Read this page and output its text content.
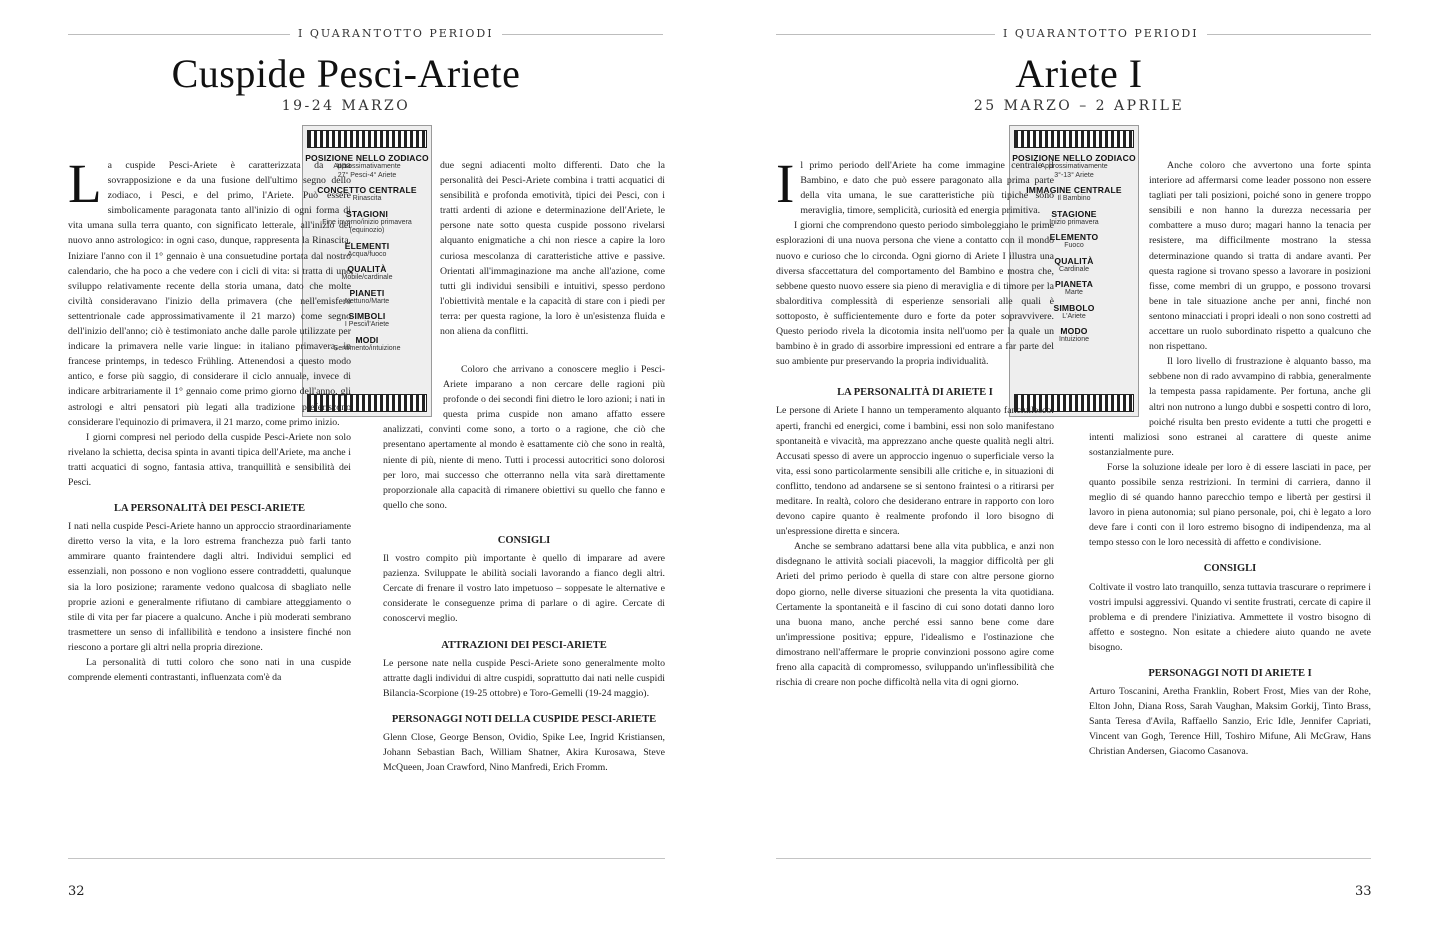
I QUARANTOTTO PERIODI
Cuspide Pesci-Ariete
19-24 MARZO
POSIZIONE NELLO ZODIACO
Approssimativamente
27° Pesci-4° Ariete
CONCETTO CENTRALE
Rinascita
STAGIONI
Fine inverno/inizio primavera
(equinozio)
ELEMENTI
Acqua/fuoco
QUALITÀ
Mobile/cardinale
PIANETI
Nettuno/Marte
SIMBOLI
I Pesci/l'Ariete
MODI
Sentimento/intuizione

La cuspide Pesci-Ariete è caratterizzata da una sovrapposizione e da una fusione dell'ultimo segno dello zodiaco, i Pesci, e del primo, l'Ariete. Può essere simbolicamente paragonata tanto all'inizio di ogni forma di vita umana sulla terra quanto, con significato letterale, all'inizio del nuovo anno astrologico: in ogni caso, dunque, rappresenta la Rinascita. Iniziare l'anno con il 1° gennaio è una consuetudine portata dal nostro calendario, che ha poco a che vedere con i cicli di vita: si tratta di uno sviluppo relativamente recente della storia umana, dato che molte civiltà consideravano l'inizio della primavera (che nell'emisfero settentrionale cade approssimativamente il 21 marzo) come segno dell'inizio dell'anno; ciò è testimoniato anche dalle parole utilizzate per indicare la primavera nelle varie lingue: in italiano primavera, in francese printemps, in tedesco Frühling. Attenendosi a questo modo antico, e forse più saggio, di considerare il ciclo annuale, invece di indicare arbitrariamente il 1° gennaio come primo giorno dell'anno, gli astrologi e altri pensatori più legati alla tradizione preferiscono considerare l'equinozio di primavera, il 21 marzo, come primo inizio.

I giorni compresi nel periodo della cuspide Pesci-Ariete non solo rivelano la schietta, decisa spinta in avanti tipica dell'Ariete, ma anche i tratti acquatici di sogno, fantasia attiva, tranquillità e sensibilità dei Pesci.

LA PERSONALITÀ DEI PESCI-ARIETE

I nati nella cuspide Pesci-Ariete hanno un approccio straordinariamente diretto verso la vita, e la loro estrema franchezza può farli tanto ammirare quanto fraintendere dagli altri. Individui semplici ed essenziali, non possono e non vogliono essere contraddetti, qualunque sia la loro posizione; raramente vedono qualcosa di sbagliato nelle proprie azioni e generalmente rifiutano di cambiare atteggiamento o stile di vita per far piacere a qualcuno. Anche i più moderati sembrano trasmettere un senso di infallibilità e tendono a insistere finché non riescono a portare gli altri nella propria direzione.

La personalità di tutti coloro che sono nati in una cuspide comprende elementi contrastanti, influenzata com'è da

due segni adiacenti molto differenti. Dato che la personalità dei Pesci-Ariete combina i tratti acquatici di sensibilità e profonda emotività, tipici dei Pesci, con i tratti ardenti di azione e determinazione dell'Ariete, le persone nate sotto questa cuspide possono rivelarsi alquanto enigmatiche a chi non riesce a capire la loro curiosa mescolanza di caratteristiche attive e passive. Orientati all'immaginazione ma anche all'azione, come tutti gli individui sensibili e intuitivi, spesso perdono l'obiettività mentale e la capacità di stare con i piedi per terra: per questa ragione, la loro è un'esistenza fluida e non aliena da conflitti.

Coloro che arrivano a conoscere meglio i Pesci-Ariete imparano a non cercare delle ragioni più profonde o dei secondi fini dietro le loro azioni; i nati in questa prima cuspide non amano affatto essere analizzati, convinti come sono, a torto o a ragione, che ciò che presentano apertamente al mondo è esattamente ciò che sono in realtà, niente di più, niente di meno. Tutti i processi autocritici sono dolorosi per loro, mai successo che otterranno nella vita sarà direttamente proporzionale alla capacità di rimanere obiettivi su quello che fanno e quello che sono.

CONSIGLI

Il vostro compito più importante è quello di imparare ad avere pazienza. Sviluppate le abilità sociali lavorando a fianco degli altri. Cercate di frenare il vostro lato impetuoso – soppesate le alternative e considerate le conseguenze prima di parlare o di agire. Cercate di conoscervi meglio.

ATTRAZIONI DEI PESCI-ARIETE

Le persone nate nella cuspide Pesci-Ariete sono generalmente molto attratte dagli individui di altre cuspidi, soprattutto dai nati nelle cuspidi Bilancia-Scorpione (19-25 ottobre) e Toro-Gemelli (19-24 maggio).

PERSONAGGI NOTI DELLA CUSPIDE PESCI-ARIETE

Glenn Close, George Benson, Ovidio, Spike Lee, Ingrid Kristiansen, Johann Sebastian Bach, William Shatner, Akira Kurosawa, Steve McQueen, Joan Crawford, Nino Manfredi, Erich Fromm.

32
I QUARANTOTTO PERIODI
Ariete I
25 MARZO – 2 APRILE
POSIZIONE NELLO ZODIACO
Approssimativamente
3°-13° Ariete
IMMAGINE CENTRALE
Il Bambino
STAGIONE
Inizio primavera
ELEMENTO
Fuoco
QUALITÀ
Cardinale
PIANETA
Marte
SIMBOLO
L'Ariete
MODO
Intuizione

Il primo periodo dell'Ariete ha come immagine centrale il Bambino, e dato che può essere paragonato alla prima parte della vita umana, le sue caratteristiche più tipiche sono meraviglia, timore, semplicità, curiosità ed energia primitiva.

I giorni che comprendono questo periodo simboleggiano le prime esplorazioni di una nuova persona che viene a contatto con il mondo nuovo e curioso che lo circonda. Ogni giorno di Ariete I illustra una diversa sfaccettatura del comportamento del Bambino e mostra che, sebbene questo nuovo essere sia pieno di meraviglia e di timore per la sbalorditiva complessità di esperienze sensoriali alle quali è sottoposto, è sufficientemente duro e forte da poter sopravvivere. Questo periodo rivela la dicotomia insita nell'uomo per la quale un bambino è in grado di assorbire impressioni ed entrare a far parte del suo ambiente pur preservando la propria individualità.

LA PERSONALITÀ DI ARIETE I

Le persone di Ariete I hanno un temperamento alquanto fanciullesco: aperti, franchi ed energici, come i bambini, essi non solo manifestano spontaneità e vivacità, ma apprezzano anche queste qualità negli altri. Accusati spesso di avere un approccio ingenuo o superficiale verso la vita, essi sono particolarmente sensibili alle critiche e, in situazioni di conflitto, tendono ad andarsene se si sentono fraintesi o a ritirarsi per meditare. In realtà, coloro che desiderano entrare in rapporto con loro devono capire quanto è realmente profondo il loro bisogno di un'espressione diretta e sincera.

Anche se sembrano adattarsi bene alla vita pubblica, e anzi non disdegnano le attività sociali piacevoli, la maggior difficoltà per gli Arieti del primo periodo è quella di stare con altre persone giorno dopo giorno, nelle diverse situazioni che presenta la vita quotidiana. Certamente la spontaneità e il fascino di cui sono dotati danno loro una buona mano, anche perché essi sanno bene come dare un'impressione positiva; eppure, l'idealismo e l'ostinazione che dimostrano nell'affermare le proprie convinzioni possono agire come freno alla capacità di compromesso, sviluppando un'inflessibilità che rischia di creare non poche difficoltà nella vita di ogni giorno.

Anche coloro che avvertono una forte spinta interiore ad affermarsi come leader possono non essere tagliati per tali posizioni, poiché sono in genere troppo sensibili e non hanno la durezza necessaria per combattere a muso duro; magari hanno la tenacia per resistere, ma difficilmente mostrano la stessa determinazione quando si tratta di andare avanti. Per questa ragione si trovano spesso a lavorare in posizioni fisse, come membri di un gruppo, e possono trovarsi bene in tale situazione anche per anni, finché non sentono minacciati i propri ideali o non sono costretti ad accettare un ruolo subordinato rispetto a qualcuno che non rispettano.

Il loro livello di frustrazione è alquanto basso, ma sebbene non di rado avvampino di rabbia, generalmente la tempesta passa rapidamente. Per fortuna, anche gli altri non nutrono a lungo dubbi e sospetti contro di loro, poiché risulta ben presto evidente a tutti che progetti e intenti maliziosi sono estranei al carattere di queste anime sostanzialmente pure.

Forse la soluzione ideale per loro è di essere lasciati in pace, per quanto possibile senza restrizioni. In termini di carriera, danno il meglio di sé quando hanno parecchio tempo e libertà per gestirsi il lavoro in piena autonomia; sul piano personale, poi, chi è legato a loro deve fare i conti con il loro estremo bisogno di indipendenza, ma al tempo stesso con le loro necessità di affetto e condivisione.

CONSIGLI

Coltivate il vostro lato tranquillo, senza tuttavia trascurare o reprimere i vostri impulsi aggressivi. Quando vi sentite frustrati, cercate di capire il problema e di prendere l'iniziativa. Ammettete il vostro bisogno di affetto e sostegno. Non esitate a chiedere aiuto quando ne avete bisogno.

PERSONAGGI NOTI DI ARIETE I

Arturo Toscanini, Aretha Franklin, Robert Frost, Mies van der Rohe, Elton John, Diana Ross, Sarah Vaughan, Maksim Gorkij, Tinto Brass, Santa Teresa d'Avila, Raffaello Sanzio, Eric Idle, Jennifer Capriati, Vincent van Gogh, Terence Hill, Toshiro Mifune, Ali McGraw, Hans Christian Andersen, Giacomo Casanova.

33
